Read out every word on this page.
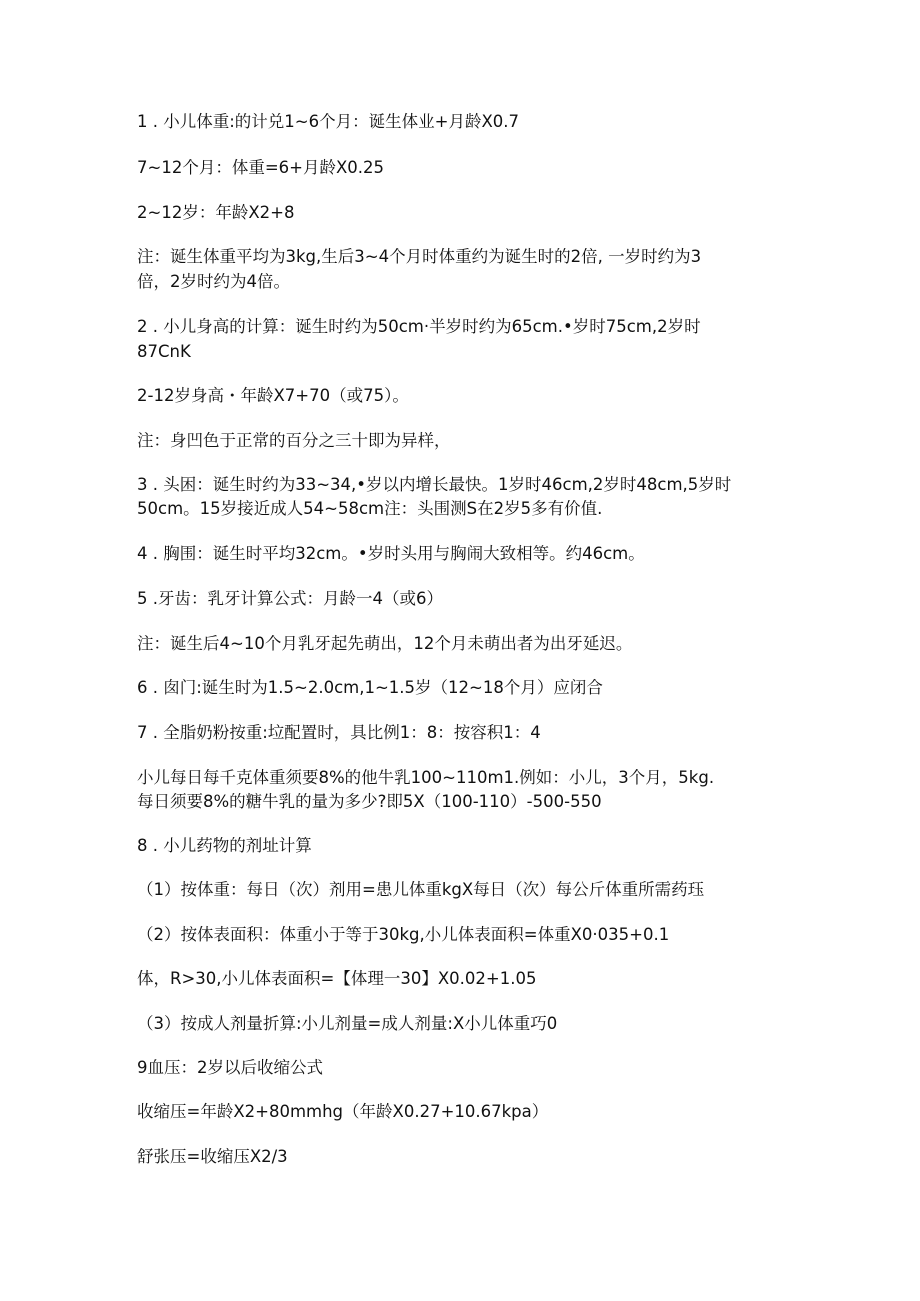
1 . 小儿体重:的计兑1~6个月：诞生体业+月龄X0.7

7~12个月：体重=6+月龄X0.25

2~12岁：年龄X2+8

注：诞生体重平均为3kg,生后3~4个月时体重约为诞生时的2倍, 一岁时约为3

倍，2岁时约为4倍。

2 . 小儿身高的计算：诞生时约为50cm·半岁时约为65cm.•岁时75cm,2岁时

87CnK

2-12岁身高・年龄X7+70（或75）。

注：身凹色于正常的百分之三十即为异样，

3 . 头困：诞生时约为33~34,•岁以内增长最快。1岁时46cm,2岁时48cm,5岁时

50cm。15岁接近成人54~58cm注：头围测S在2岁5多有价值.

4 . 胸围：诞生时平均32cm。•岁时头用与胸闹大致相等。约46cm。

5 .牙齿：乳牙计算公式：月龄一4（或6）

注：诞生后4~10个月乳牙起先萌出，12个月未萌出者为出牙延迟。

6 . 囱门:诞生时为1.5~2.0cm,1~1.5岁（12~18个月）应闭合

7 . 全脂奶粉按重:垃配置时，具比例1：8：按容积1：4

小儿每日每千克体重须要8%的他牛乳100~110m1.例如：小儿，3个月，5kg.

每日须要8%的糖牛乳的量为多少?即5X（100-110）-500-550

8 . 小儿药物的剂址计算

（1）按体重：每日（次）剂用=患儿体重kgX每日（次）每公斤体重所需药珏

（2）按体表面积：体重小于等于30kg,小儿体表面积=体重X0·035+0.1

体，R>30,小儿体表面积=【体理一30】X0.02+1.05

（3）按成人剂量折算:小儿剂量=成人剂量:X小儿体重巧0

9血压：2岁以后收缩公式

收缩压=年龄X2+80mmhg（年龄X0.27+10.67kpa）

舒张压=收缩压X2/3
